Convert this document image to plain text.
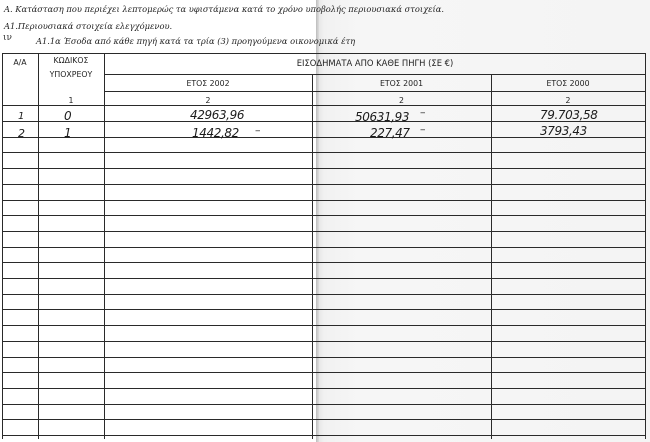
Α. Κατάσταση που περιέχει λεπτομερώς τα υφιστάμενα κατά το χρόνο υποβολής περιουσιακά στοιχεία.
Α1.Περιουσιακά στοιχεία ελεγχόμενου.
ιν	Α1.1α Έσοδα από κάθε πηγή κατά τα τρία (3) προηγούμενα οικονομικά έτη
Α/Α	ΚΩΔΙΚΟΣ
ΥΠΟΧΡΕΟΥ
ΕΙΣΟΔΗΜΑΤΑ ΑΠΟ ΚΑΘΕ ΠΗΓΗ (ΣΕ €)
ΕΤΟΣ 2002	ΕΤΟΣ 2001	ΕΤΟΣ 2000
1	2	2	2
1	0	42963,96	50631,93 –	79.703,58
2	1	1442,82 –	227,47 –	3793,43
